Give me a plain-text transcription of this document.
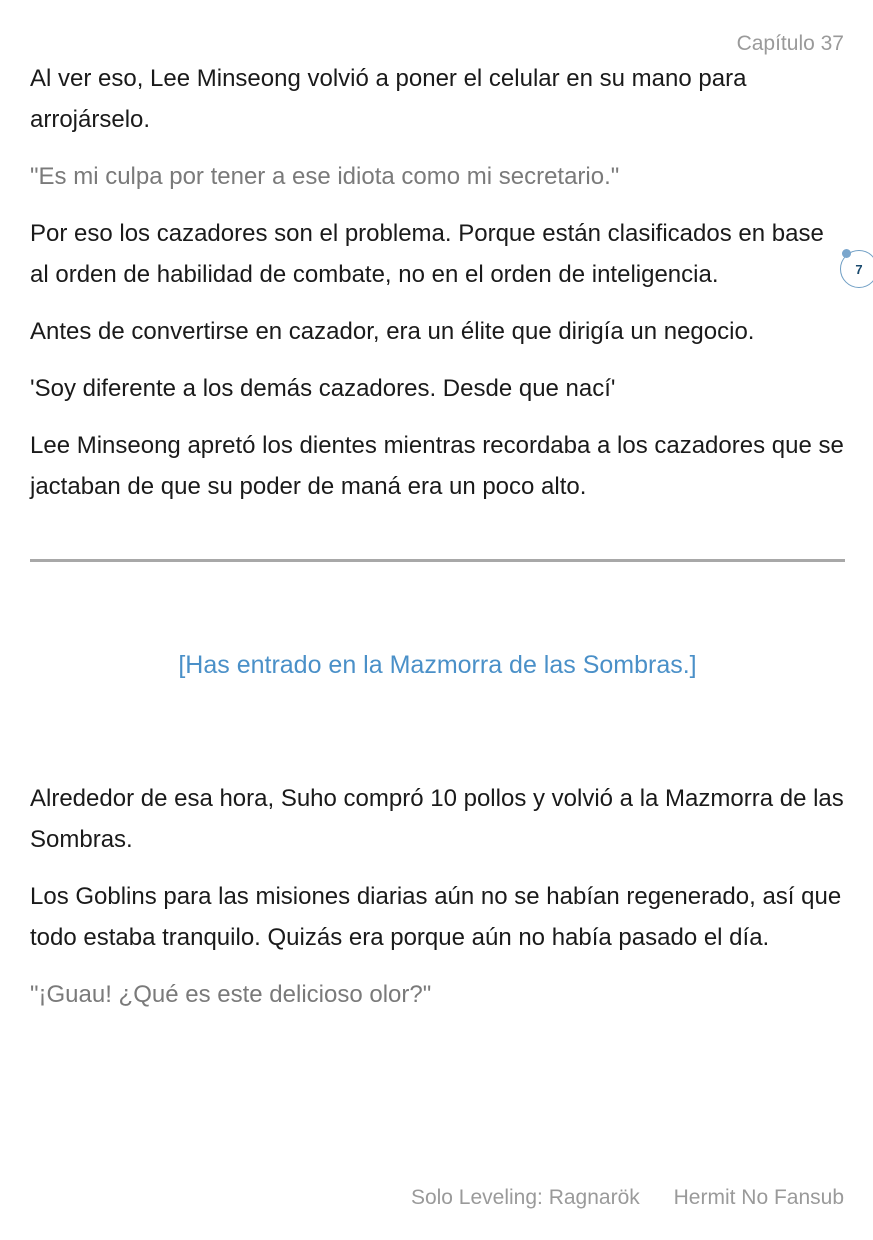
Capítulo 37

Al ver eso, Lee Minseong volvió a poner el celular en su mano para arrojárselo.

"Es mi culpa por tener a ese idiota como mi secretario."

Por eso los cazadores son el problema. Porque están clasificados en base al orden de habilidad de combate, no en el orden de inteligencia.

Antes de convertirse en cazador, era un élite que dirigía un negocio.

'Soy diferente a los demás cazadores. Desde que nací'

Lee Minseong apretó los dientes mientras recordaba a los cazadores que se jactaban de que su poder de maná era un poco alto.

[Has entrado en la Mazmorra de las Sombras.]

Alrededor de esa hora, Suho compró 10 pollos y volvió a la Mazmorra de las Sombras.

Los Goblins para las misiones diarias aún no se habían regenerado, así que todo estaba tranquilo. Quizás era porque aún no había pasado el día.

"¡Guau! ¿Qué es este delicioso olor?"

7
Solo Leveling: Ragnarök Hermit No Fansub
